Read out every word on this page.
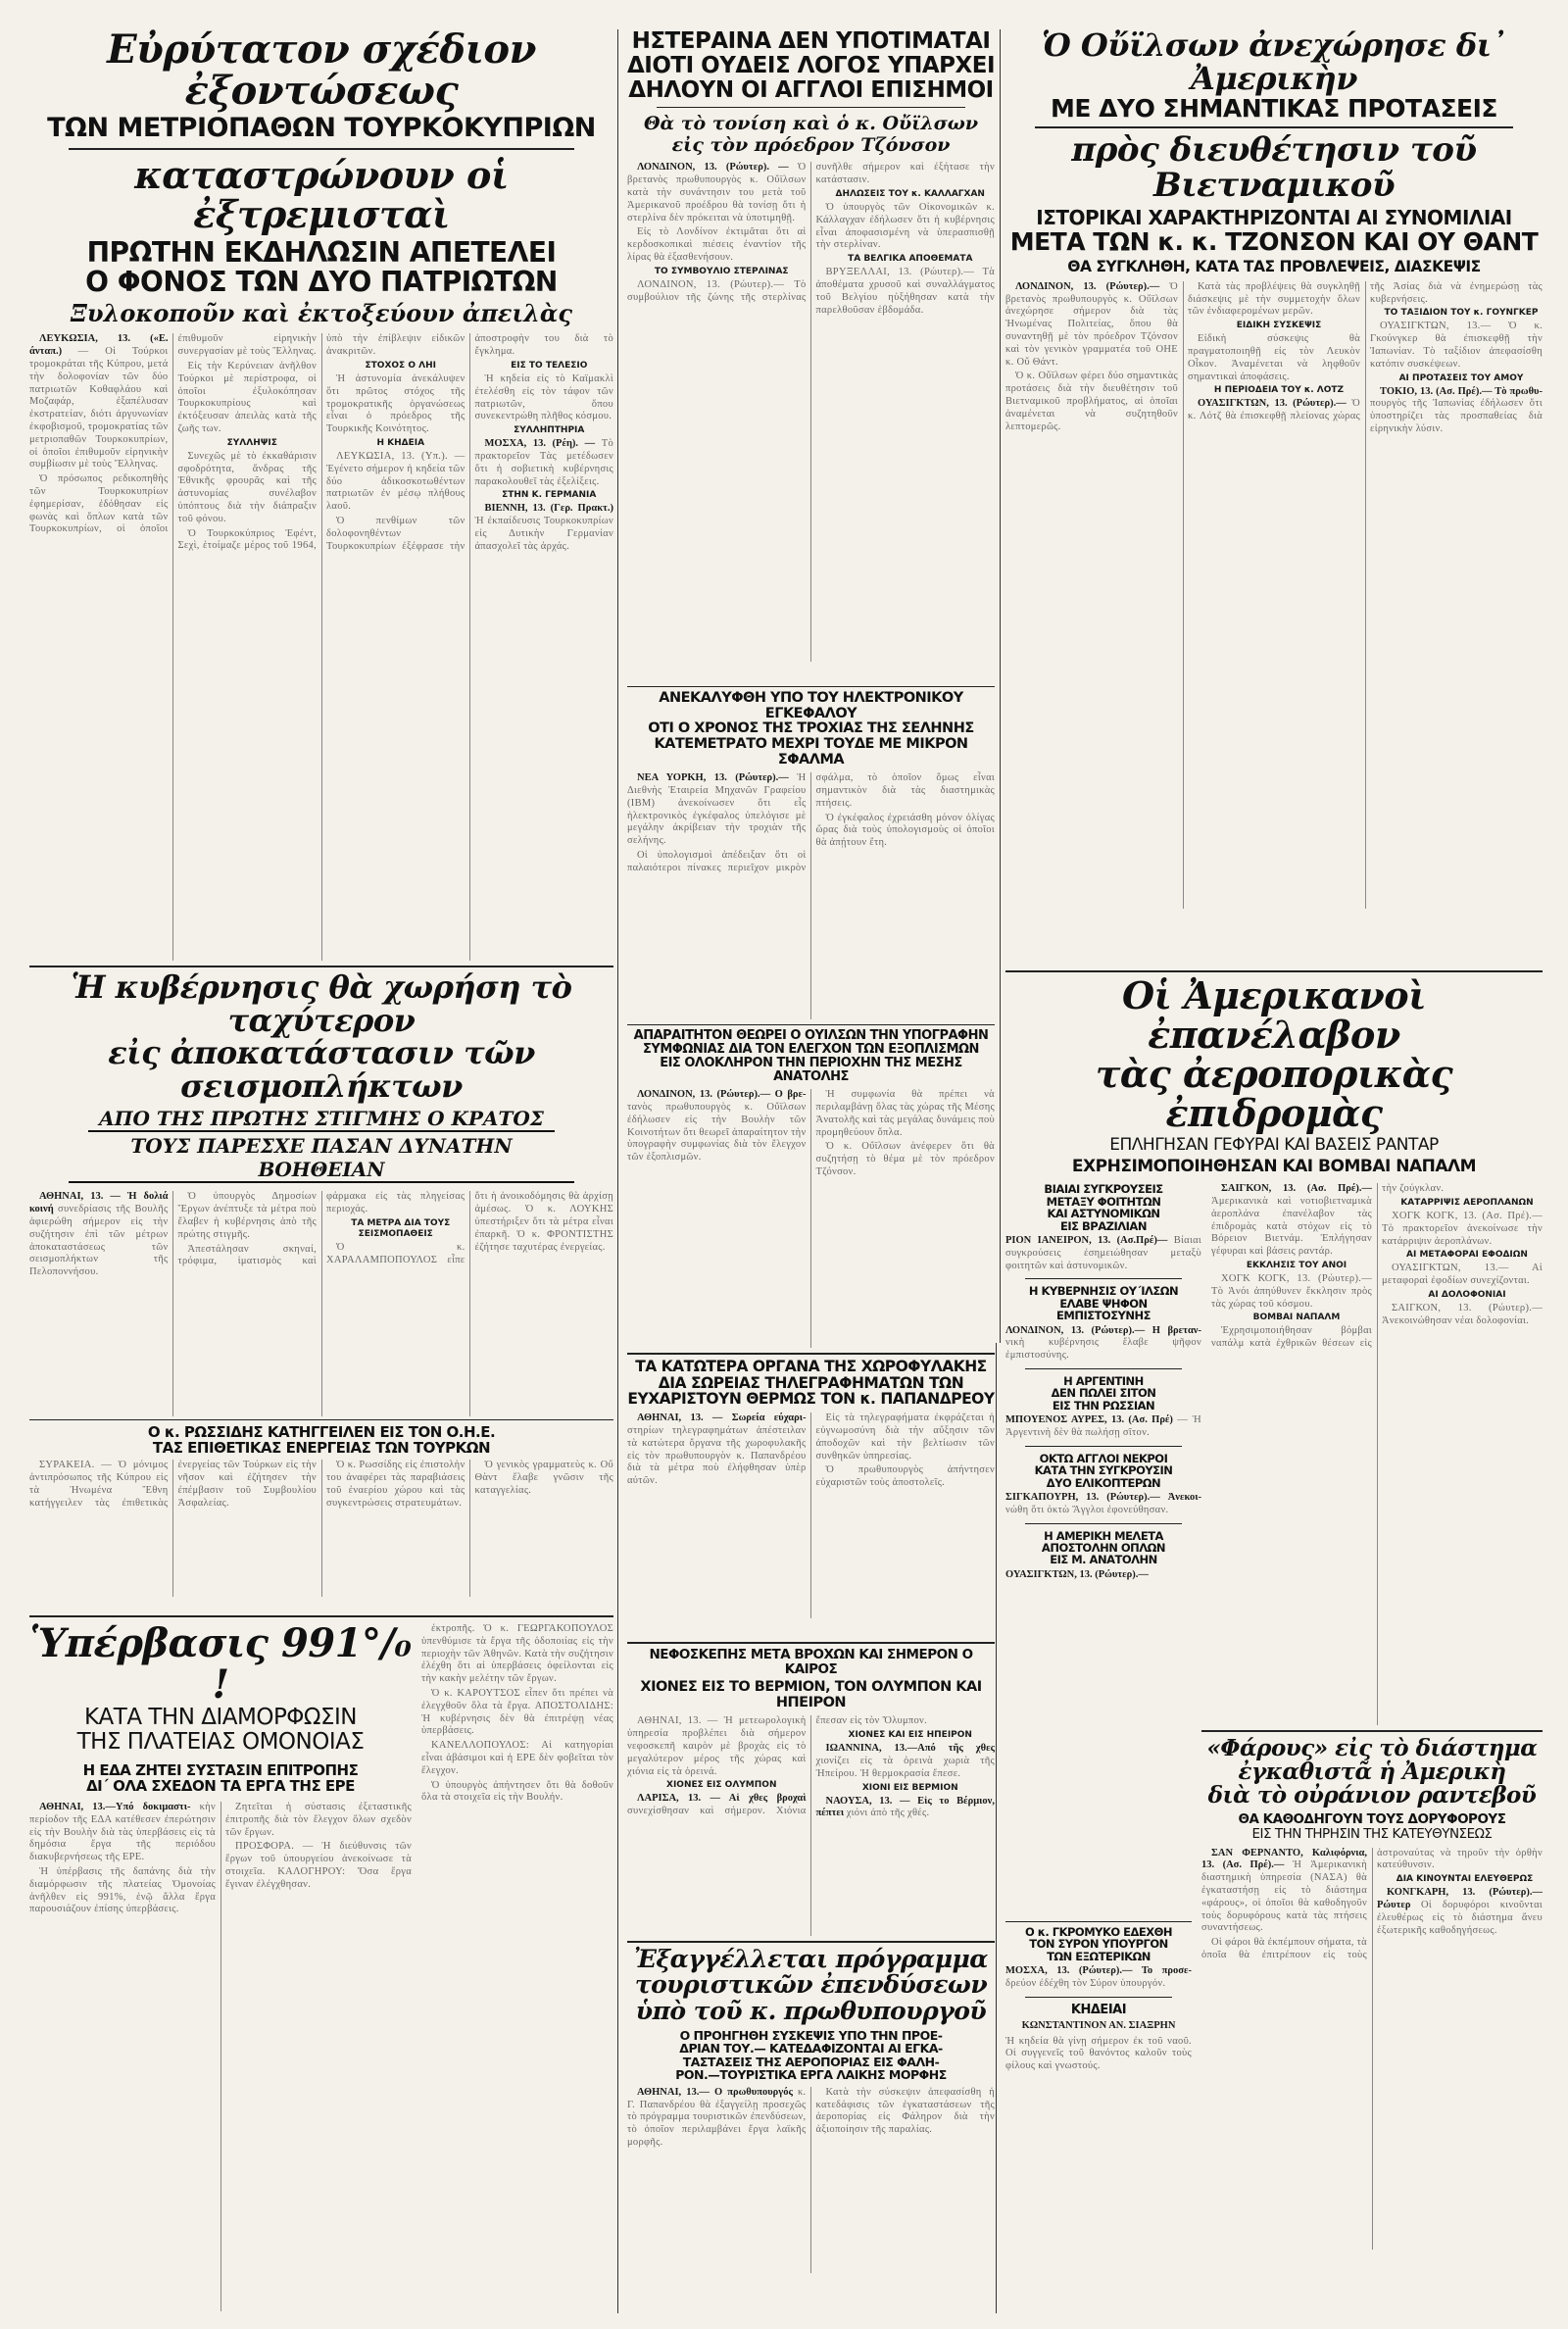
Εὐρύτατον σχέδιον ἐξοντώσεως
ΤΩΝ ΜΕΤΡΙΟΠΑΘΩΝ ΤΟΥΡΚΟΚΥΠΡΙΩΝ
καταστρώνουν οἱ ἐξτρεμισταὶ
ΠΡΩΤΗΝ ΕΚΔΗΛΩΣΙΝ ΑΠΕΤΕΛΕΙ
Ο ΦΟΝΟΣ ΤΩΝ ΔΥΟ ΠΑΤΡΙΩΤΩΝ
Ξυλοκοποῦν καὶ ἐκτοξεύουν ἀπειλὰς

ΛΕΥΚΩΣΙΑ, 13. («Ε. άνταπ.) — Οἱ Τούρκοι τρομοκράται τῆς Κύπρου, μετά τὴν δολοφονίαν τῶν δύο πατριωτῶν Κοθαφλάου καὶ Μοζαφάρ, ἐξαπέλυσαν ἐκστρατείαν, διότι ἀργυνωνίαν ἐκφοβισμοῦ, τρομοκρατίας τῶν μετριοπαθῶν Τουρκοκυπρίων, οἱ ὁποῖοι ἐπιθυμοῦν εἰρηνικὴν συμβίωσιν μὲ τοὺς Ἕλληνας.

Ὁ πρόσωπος ρεδικοπηθὴς τῶν Τουρκοκυπρίων ἐφημερίσαν, ἐδόθησαν εἰς φωνὰς καὶ ὅπλων κατὰ τῶν Τουρκοκυπρίων, οἱ ὁποῖοι ἐπιθυμοῦν εἰρηνικὴν συνεργασίαν μὲ τοὺς Ἕλληνας.

Εἰς τὴν Κερύνειαν ἀνῆλθον Τούρκοι μὲ περίστροφα, οἱ ὁποῖοι ἐξυλοκόπησαν Τουρκοκυπρίους καὶ ἐκτόξευσαν ἀπειλὰς κατὰ τῆς ζωῆς των.

ΣΥΛΛΗΨΙΣ

Συνεχῶς μὲ τὸ ἐκκαθάρισιν σφοδρότητα, ἄνδρας τῆς Ἐθνικῆς φρουρᾶς καὶ τῆς ἀστυνομίας συνέλαβον ὑπόπτους διὰ τὴν διάπραξιν τοῦ φόνου.

Ὁ Τουρκοκύπριος Ἐφέντ, Σεχὶ, ἑτοίμαζε μέρος τοῦ 1964, ὑπὸ τὴν ἐπίβλεψιν εἰδικῶν ἀνακριτῶν.

ΣΤΟΧΟΣ Ο ΛΗΙ

Ἡ ἀστυνομία ἀνεκάλυψεν ὅτι πρῶτος στόχος τῆς τρομοκρατικῆς ὀργανώσεως εἶναι ὁ πρόεδρος τῆς Τουρκικῆς Κοινότητος.

Η ΚΗΔΕΙΑ

ΛΕΥΚΩΣΙΑ, 13. (Υπ.). — Ἐγένετο σήμερον ἡ κηδεία τῶν δύο ἀδικοσκοτωθέντων πατριωτῶν ἐν μέσῳ πλήθους λαοῦ.

Ὁ πενθίμων τῶν δολοφονηθέντων Τουρκοκυπρίων ἐξέφρασε τὴν ἀποστροφὴν του διὰ τὸ ἔγκλημα.

ΕΙΣ ΤΟ ΤΕΛΕΣΙΟ

Ἡ κηδεία εἰς τὸ Καϊμακλὶ ἐτελέσθη εἰς τὸν τάφον τῶν πατριωτῶν, ὅπου συνεκεντρώθη πλῆθος κόσμου.

ΣΥΛΛΗΠΤΗΡΙΑ

ΜΟΣΧΑ, 13. (Ρέη). — Τὸ πρακτορεῖον Τὰς μετέδωσεν ὅτι ἡ σοβιετικὴ κυβέρνησις παρακολουθεῖ τὰς ἐξελίξεις.

ΣΤΗΝ Κ. ΓΕΡΜΑΝΙΑ

ΒΙΕΝΝΗ, 13. (Γερ. Πρακτ.) Ἡ ἐκπαίδευσις Τουρκοκυπρίων εἰς Δυτικὴν Γερμανίαν ἀπασχολεῖ τὰς ἀρχάς.

Ἡ κυβέρνησις θὰ χωρήση τὸ ταχύτερον
εἰς ἀποκατάστασιν τῶν σεισμοπλήκτων
ΑΠΟ ΤΗΣ ΠΡΩΤΗΣ ΣΤΙΓΜΗΣ Ο ΚΡΑΤΟΣ
ΤΟΥΣ ΠΑΡΕΣΧΕ ΠΑΣΑΝ ΔΥΝΑΤΗΝ ΒΟΗΘΕΙΑΝ

ΑΘΗΝΑΙ, 13. — Ἡ δολιά κοινή συνεδρίασις τῆς Βουλῆς ἀφιερώθη σήμερον εἰς τὴν συζήτησιν ἐπὶ τῶν μέτρων ἀποκαταστάσεως τῶν σεισμοπλήκτων τῆς Πελοποννήσου.

Ὁ ὑπουργὸς Δημοσίων Ἔργων ἀνέπτυξε τὰ μέτρα ποὺ ἔλαβεν ἡ κυβέρνησις ἀπὸ τῆς πρώτης στιγμῆς.

Ἀπεστάλησαν σκηναί, τρόφιμα, ἱματισμὸς καὶ φάρμακα εἰς τὰς πληγείσας περιοχάς.

ΤΑ ΜΕΤΡΑ ΔΙΑ ΤΟΥΣ ΣΕΙΣΜΟΠΑΘΕΙΣ

Ὁ κ. ΧΑΡΑΛΑΜΠΟΠΟΥΛΟΣ εἶπε ὅτι ἡ ἀνοικοδόμησις θὰ ἀρχίσῃ ἀμέσως. Ὁ κ. ΛΟΥΚΗΣ ὑπεστήριξεν ὅτι τὰ μέτρα εἶναι ἐπαρκῆ. Ὁ κ. ΦΡΟΝΤΙΣΤΗΣ ἐζήτησε ταχυτέρας ἐνεργείας.

Ο κ. ΡΩΣΣΙΔΗΣ ΚΑΤΗΓΓΕΙΛΕΝ ΕΙΣ ΤΟΝ Ο.Η.Ε.
ΤΑΣ ΕΠΙΘΕΤΙΚΑΣ ΕΝΕΡΓΕΙΑΣ ΤΩΝ ΤΟΥΡΚΩΝ

ΣΥΡΑΚΕΙΑ. — Ὁ μόνιμος ἀντιπρόσωπος τῆς Κύπρου εἰς τὰ Ἡνωμένα Ἔθνη κατήγγειλεν τὰς ἐπιθετικὰς ἐνεργείας τῶν Τούρκων εἰς τὴν νῆσον καὶ ἐζήτησεν τὴν ἐπέμβασιν τοῦ Συμβουλίου Ἀσφαλείας.

Ὁ κ. Ρωσσίδης εἰς ἐπιστολὴν του ἀναφέρει τὰς παραβιάσεις τοῦ ἐναερίου χώρου καὶ τὰς συγκεντρώσεις στρατευμάτων.

Ὁ γενικὸς γραμματεὺς κ. Οὔ Θὰντ ἔλαβε γνῶσιν τῆς καταγγελίας.

Ὑπέρβασις 991°/₀ !
ΚΑΤΑ ΤΗΝ ΔΙΑΜΟΡΦΩΣΙΝ
ΤΗΣ ΠΛΑΤΕΙΑΣ ΟΜΟΝΟΙΑΣ
Η ΕΔΑ ΖΗΤΕΙ ΣΥΣΤΑΣΙΝ ΕΠΙΤΡΟΠΗΣ
ΔΙ΄ ΟΛΑ ΣΧΕΔΟΝ ΤΑ ΕΡΓΑ ΤΗΣ ΕΡΕ

ΑΘΗΝΑΙ, 13.—Υπό δοκιμαστι- κὴν περίοδον τῆς ΕΔΑ κατέθεσεν ἐπερώτησιν εἰς τὴν Βουλὴν διὰ τὰς ὑπερβάσεις εἰς τὰ δημόσια ἔργα τῆς περιόδου διακυβερνήσεως τῆς ΕΡΕ.

Ἡ ὑπέρβασις τῆς δαπάνης διὰ τὴν διαμόρφωσιν τῆς πλατείας Ὁμονοίας ἀνῆλθεν εἰς 991%, ἐνῷ ἄλλα ἔργα παρουσιάζουν ἐπίσης ὑπερβάσεις.

Ζητεῖται ἡ σύστασις ἐξεταστικῆς ἐπιτροπῆς διὰ τὸν ἔλεγχον ὅλων σχεδὸν τῶν ἔργων.

ΠΡΟΣΦΟΡΑ. — Ἡ διεύθυνσις τῶν ἔργων τοῦ ὑπουργείου ἀνεκοίνωσε τὰ στοιχεῖα. ΚΑΛΟΓΗΡΟΥ: Ὅσα ἔργα ἔγιναν ἐλέγχθησαν.

ἐκτροπῆς. Ὁ κ. ΓΕΩΡΓΑΚΟΠΟΥΛΟΣ ὑπενθύμισε τὰ ἔργα τῆς ὁδοποιίας εἰς τὴν περιοχὴν τῶν Ἀθηνῶν. Κατὰ τὴν συζήτησιν ἐλέχθη ὅτι αἱ ὑπερβάσεις ὀφείλονται εἰς τὴν κακὴν μελέτην τῶν ἔργων.

Ὁ κ. ΚΑΡΟΥΤΣΟΣ εἶπεν ὅτι πρέπει νὰ ἐλεγχθοῦν ὅλα τὰ ἔργα. ΑΠΟΣΤΟΛΙΔΗΣ: Ἡ κυβέρνησις δὲν θὰ ἐπιτρέψῃ νέας ὑπερβάσεις.

ΚΑΝΕΛΛΟΠΟΥΛΟΣ: Αἱ κατηγορίαι εἶναι ἀβάσιμοι καὶ ἡ ΕΡΕ δὲν φοβεῖται τὸν ἔλεγχον.

Ὁ ὑπουργὸς ἀπήντησεν ὅτι θὰ δοθοῦν ὅλα τὰ στοιχεῖα εἰς τὴν Βουλήν.

ΗΣΤΕΡΑΙΝΑ ΔΕΝ ΥΠΟΤΙΜΑΤΑΙ
ΔΙΟΤΙ ΟΥΔΕΙΣ ΛΟΓΟΣ ΥΠΑΡΧΕΙ
ΔΗΛΟΥΝ ΟΙ ΑΓΓΛΟΙ ΕΠΙΣΗΜΟΙ
Θὰ τὸ τονίση καὶ ὁ κ. Οὔϊλσων
εἰς τὸν πρόεδρον Τζόνσον

ΛΟΝΔΙΝΟΝ, 13. (Ρώυτερ). — Ὁ βρετανὸς πρωθυπουργὸς κ. Οὔϊλσων κατὰ τὴν συνάντησιν του μετὰ τοῦ Ἀμερικανοῦ προέδρου θὰ τονίσῃ ὅτι ἡ στερλίνα δὲν πρόκειται νὰ ὑποτιμηθῇ.

Εἰς τὸ Λονδίνον ἐκτιμᾶται ὅτι αἱ κερδοσκοπικαὶ πιέσεις ἐναντίον τῆς λίρας θὰ ἐξασθενήσουν.

ΤΟ ΣΥΜΒΟΥΛΙΟ ΣΤΕΡΛΙΝΑΣ

ΛΟΝΔΙΝΟΝ, 13. (Ρώυτερ).— Τὸ συμβούλιον τῆς ζώνης τῆς στερλίνας συνῆλθε σήμερον καὶ ἐξήτασε τὴν κατάστασιν.

ΔΗΛΩΣΕΙΣ ΤΟΥ κ. ΚΑΛΛΑΓΧΑΝ

Ὁ ὑπουργὸς τῶν Οἰκονομικῶν κ. Κάλλαγχαν ἐδήλωσεν ὅτι ἡ κυβέρνησις εἶναι ἀποφασισμένη νὰ ὑπερασπισθῇ τὴν στερλίναν.

ΤΑ ΒΕΛΓΙΚΑ ΑΠΟΘΕΜΑΤΑ

ΒΡΥΞΕΛΛΑΙ, 13. (Ρώυτερ).— Τὰ ἀποθέματα χρυσοῦ καὶ συναλλάγματος τοῦ Βελγίου ηὐξήθησαν κατὰ τὴν παρελθοῦσαν ἑβδομάδα.

ΑΝΕΚΑΛΥΦΘΗ ΥΠΟ ΤΟΥ ΗΛΕΚΤΡΟΝΙΚΟΥ ΕΓΚΕΦΑΛΟΥ
ΟΤΙ Ο ΧΡΟΝΟΣ ΤΗΣ ΤΡΟΧΙΑΣ ΤΗΣ ΣΕΛΗΝΗΣ
ΚΑΤΕΜΕΤΡΑΤΟ ΜΕΧΡΙ ΤΟΥΔΕ ΜΕ ΜΙΚΡΟΝ ΣΦΑΛΜΑ

ΝΕΑ ΥΟΡΚΗ, 13. (Ρώυτερ).— Ἡ Διεθνὴς Ἑταιρεία Μηχανῶν Γραφείου (ΙΒΜ) ἀνεκοίνωσεν ὅτι εἷς ἠλεκτρονικὸς ἐγκέφαλος ὑπελόγισε μὲ μεγάλην ἀκρίβειαν τὴν τροχιὰν τῆς σελήνης.

Οἱ ὑπολογισμοὶ ἀπέδειξαν ὅτι οἱ παλαιότεροι πίνακες περιεῖχον μικρὸν σφάλμα, τὸ ὁποῖον ὅμως εἶναι σημαντικὸν διὰ τὰς διαστημικὰς πτήσεις.

Ὁ ἐγκέφαλος ἐχρειάσθη μόνον ὀλίγας ὥρας διὰ τοὺς ὑπολογισμοὺς οἱ ὁποῖοι θὰ ἀπῄτουν ἔτη.

ΑΠΑΡΑΙΤΗΤΟΝ ΘΕΩΡΕΙ Ο ΟΥΙΛΣΩΝ ΤΗΝ ΥΠΟΓΡΑΦΗΝ
ΣΥΜΦΩΝΙΑΣ ΔΙΑ ΤΟΝ ΕΛΕΓΧΟΝ ΤΩΝ ΕΞΟΠΛΙΣΜΩΝ
ΕΙΣ ΟΛΟΚΛΗΡΟΝ ΤΗΝ ΠΕΡΙΟΧΗΝ ΤΗΣ ΜΕΣΗΣ ΑΝΑΤΟΛΗΣ

ΛΟΝΔΙΝΟΝ, 13. (Ρώυτερ).— Ο βρε- τανὸς πρωθυπουργὸς κ. Οὔϊλσων ἐδήλωσεν εἰς τὴν Βουλὴν τῶν Κοινοτήτων ὅτι θεωρεῖ ἀπαραίτητον τὴν ὑπογραφὴν συμφωνίας διὰ τὸν ἔλεγχον τῶν ἐξοπλισμῶν.

Ἡ συμφωνία θὰ πρέπει νὰ περιλαμβάνῃ ὅλας τὰς χώρας τῆς Μέσης Ἀνατολῆς καὶ τὰς μεγάλας δυνάμεις ποὺ προμηθεύουν ὅπλα.

Ὁ κ. Οὔϊλσων ἀνέφερεν ὅτι θὰ συζητήσῃ τὸ θέμα μὲ τὸν πρόεδρον Τζόνσον.

ΤΑ ΚΑΤΩΤΕΡΑ ΟΡΓΑΝΑ ΤΗΣ ΧΩΡΟΦΥΛΑΚΗΣ
ΔΙΑ ΣΩΡΕΙΑΣ ΤΗΛΕΓΡΑΦΗΜΑΤΩΝ ΤΩΝ
ΕΥΧΑΡΙΣΤΟΥΝ ΘΕΡΜΩΣ ΤΟΝ κ. ΠΑΠΑΝΔΡΕΟΥ

ΑΘΗΝΑΙ, 13. — Σωρεία εύχαρι- στηρίων τηλεγραφημάτων ἀπέστειλαν τὰ κατώτερα ὄργανα τῆς χωροφυλακῆς εἰς τὸν πρωθυπουργὸν κ. Παπανδρέου διὰ τὰ μέτρα ποὺ ἐλήφθησαν ὑπὲρ αὐτῶν.

Εἰς τὰ τηλεγραφήματα ἐκφράζεται ἡ εὐγνωμοσύνη διὰ τὴν αὔξησιν τῶν ἀποδοχῶν καὶ τὴν βελτίωσιν τῶν συνθηκῶν ὑπηρεσίας.

Ὁ πρωθυπουργὸς ἀπήντησεν εὐχαριστῶν τοὺς ἀποστολεῖς.

ΝΕΦΟΣΚΕΠΗΣ ΜΕΤΑ ΒΡΟΧΩΝ ΚΑΙ ΣΗΜΕΡΟΝ Ο ΚΑΙΡΟΣ
ΧΙΟΝΕΣ ΕΙΣ ΤΟ ΒΕΡΜΙΟΝ, ΤΟΝ ΟΛΥΜΠΟΝ ΚΑΙ ΗΠΕΙΡΟΝ

ΑΘΗΝΑΙ, 13. — Ἡ μετεωρολογικὴ ὑπηρεσία προβλέπει διὰ σήμερον νεφοσκεπῆ καιρὸν μὲ βροχὰς εἰς τὸ μεγαλύτερον μέρος τῆς χώρας καὶ χιόνια εἰς τὰ ὀρεινά.

ΧΙΟΝΕΣ ΕΙΣ ΟΛΥΜΠΟΝ

ΛΑΡΙΣΑ, 13. — Αἱ χθες βροχαὶ συνεχίσθησαν καὶ σήμερον. Χιόνια ἔπεσαν εἰς τὸν Ὄλυμπον.

ΧΙΟΝΕΣ ΚΑΙ ΕΙΣ ΗΠΕΙΡΟΝ

ΙΩΑΝΝΙΝΑ, 13.—Από τῆς χθες χιονίζει εἰς τὰ ὀρεινὰ χωριὰ τῆς Ἠπείρου. Ἡ θερμοκρασία ἔπεσε.

ΧΙΟΝΙ ΕΙΣ ΒΕΡΜΙΟΝ

ΝΑΟΥΣΑ, 13. — Εἰς το Βέρμιον, πέπτει χιόνι ἀπὸ τῆς χθές.

Ἐξαγγέλλεται πρόγραμμα
τουριστικῶν ἐπενδύσεων
ὑπὸ τοῦ κ. πρωθυπουργοῦ
Ο ΠΡΟΗΓΗΘΗ ΣΥΣΚΕΨΙΣ ΥΠΟ ΤΗΝ ΠΡΟΕ-
ΔΡΙΑΝ ΤΟΥ.— ΚΑΤΕΔΑΦΙΖΟΝΤΑΙ ΑΙ ΕΓΚΑ-
ΤΑΣΤΑΣΕΙΣ ΤΗΣ ΑΕΡΟΠΟΡΙΑΣ ΕΙΣ ΦΑΛΗ-
ΡΟΝ.—ΤΟΥΡΙΣΤΙΚΑ ΕΡΓΑ ΛΑΙΚΗΣ ΜΟΡΦΗΣ

ΑΘΗΝΑΙ, 13.— Ο πρωθυπουργός κ. Γ. Παπανδρέου θὰ ἐξαγγείλῃ προσεχῶς τὸ πρόγραμμα τουριστικῶν ἐπενδύσεων, τὸ ὁποῖον περιλαμβάνει ἔργα λαϊκῆς μορφῆς.

Κατὰ τὴν σύσκεψιν ἀπεφασίσθη ἡ κατεδάφισις τῶν ἐγκαταστάσεων τῆς ἀεροπορίας εἰς Φάληρον διὰ τὴν ἀξιοποίησιν τῆς παραλίας.

Ὁ Οὔϊλσων ἀνεχώρησε δι᾿ Ἀμερικὴν
ΜΕ ΔΥΟ ΣΗΜΑΝΤΙΚΑΣ ΠΡΟΤΑΣΕΙΣ
πρὸς διευθέτησιν τοῦ Βιετναμικοῦ
ΙΣΤΟΡΙΚΑΙ ΧΑΡΑΚΤΗΡΙΖΟΝΤΑΙ ΑΙ ΣΥΝΟΜΙΛΙΑΙ
ΜΕΤΑ ΤΩΝ κ. κ. ΤΖΟΝΣΟΝ ΚΑΙ ΟΥ ΘΑΝΤ
ΘΑ ΣΥΓΚΛΗΘΗ, ΚΑΤΑ ΤΑΣ ΠΡΟΒΛΕΨΕΙΣ, ΔΙΑΣΚΕΨΙΣ

ΛΟΝΔΙΝΟΝ, 13. (Ρώυτερ).— Ὁ βρετανὸς πρωθυπουργὸς κ. Οὔϊλσων ἀνεχώρησε σήμερον διὰ τὰς Ἡνωμένας Πολιτείας, ὅπου θὰ συναντηθῇ μὲ τὸν πρόεδρον Τζόνσον καὶ τὸν γενικὸν γραμματέα τοῦ ΟΗΕ κ. Οὔ Θάντ.

Ὁ κ. Οὔϊλσων φέρει δύο σημαντικὰς προτάσεις διὰ τὴν διευθέτησιν τοῦ Βιετναμικοῦ προβλήματος, αἱ ὁποῖαι ἀναμένεται νὰ συζητηθοῦν λεπτομερῶς.

Κατὰ τὰς προβλέψεις θὰ συγκληθῇ διάσκεψις μὲ τὴν συμμετοχὴν ὅλων τῶν ἐνδιαφερομένων μερῶν.

ΕΙΔΙΚΗ ΣΥΣΚΕΨΙΣ

Εἰδικὴ σύσκεψις θὰ πραγματοποιηθῇ εἰς τὸν Λευκὸν Οἶκον. Ἀναμένεται νὰ ληφθοῦν σημαντικαὶ ἀποφάσεις.

Η ΠΕΡΙΟΔΕΙΑ ΤΟΥ κ. ΛΟΤΖ

ΟΥΑΣΙΓΚΤΩΝ, 13. (Ρώυτερ).— Ὁ κ. Λότζ θὰ ἐπισκεφθῇ πλείονας χώρας τῆς Ἀσίας διὰ νὰ ἐνημερώσῃ τὰς κυβερνήσεις.

ΤΟ ΤΑΞΙΔΙΟΝ ΤΟΥ κ. ΓΟΥΝΓΚΕΡ

ΟΥΑΣΙΓΚΤΩΝ, 13.— Ὁ κ. Γκούνγκερ θὰ ἐπισκεφθῇ τὴν Ἰαπωνίαν. Τὸ ταξίδιον ἀπεφασίσθη κατόπιν συσκέψεων.

ΑΙ ΠΡΟΤΑΣΕΙΣ ΤΟΥ ΑΜΟΥ

ΤΟΚΙΟ, 13. (Ασ. Πρέ).— Τὸ πρωθυ- πουργὸς τῆς Ἰαπωνίας ἐδήλωσεν ὅτι ὑποστηρίζει τὰς προσπαθείας διὰ εἰρηνικὴν λύσιν.

Οἱ Ἀμερικανοὶ ἐπανέλαβον
τὰς ἀεροπορικὰς ἐπιδρομὰς
ΕΠΛΗΓΗΣΑΝ ΓΕΦΥΡΑΙ ΚΑΙ ΒΑΣΕΙΣ ΡΑΝΤΑΡ
ΕΧΡΗΣΙΜΟΠΟΙΗΘΗΣΑΝ ΚΑΙ ΒΟΜΒΑΙ ΝΑΠΑΛΜ
ΒΙΑΙΑΙ ΣΥΓΚΡΟΥΣΕΙΣ
ΜΕΤΑΞΥ ΦΟΙΤΗΤΩΝ
ΚΑΙ ΑΣΤΥΝΟΜΙΚΩΝ
ΕΙΣ ΒΡΑΖΙΛΙΑΝ

ΡΙΟΝ ΙΑΝΕΙΡΟΝ, 13. (Ασ.Πρέ)— Βίαιαι συγκρούσεις ἐσημειώθησαν μεταξὺ φοιτητῶν καὶ ἀστυνομικῶν.

Η ΚΥΒΕΡΝΗΣΙΣ ΟΥ΄ΙΛΣΩΝ
ΕΛΑΒΕ ΨΗΦΟΝ
ΕΜΠΙΣΤΟΣΥΝΗΣ

ΛΟΝΔΙΝΟΝ, 13. (Ρώυτερ).— Η βρεταν- νικὴ κυβέρνησις ἔλαβε ψῆφον ἐμπιστοσύνης.

Η ΑΡΓΕΝΤΙΝΗ
ΔΕΝ ΠΩΛΕΙ ΣΙΤΟΝ
ΕΙΣ ΤΗΝ ΡΩΣΣΙΑΝ

ΜΠΟΥΕΝΟΣ ΑΥΡΕΣ, 13. (Ασ. Πρέ) — Ἡ Ἀργεντινὴ δὲν θὰ πωλήσῃ σῖτον.

ΟΚΤΩ ΑΓΓΛΟΙ ΝΕΚΡΟΙ
ΚΑΤΑ ΤΗΝ ΣΥΓΚΡΟΥΣΙΝ
ΔΥΟ ΕΛΙΚΟΠΤΕΡΩΝ

ΣΙΓΚΑΠΟΥΡΗ, 13. (Ρώυτερ).— Ἀνεκοι- νώθη ὅτι ὀκτὼ Ἄγγλοι ἐφονεύθησαν.

Η ΑΜΕΡΙΚΗ ΜΕΛΕΤΑ
ΑΠΟΣΤΟΛΗΝ ΟΠΛΩΝ
ΕΙΣ Μ. ΑΝΑΤΟΛΗΝ

ΟΥΑΣΙΓΚΤΩΝ, 13. (Ρώυτερ).—

ΣΑΙΓΚΟΝ, 13. (Ασ. Πρέ).— Ἀμερικανικὰ καὶ νοτιοβιετναμικὰ ἀεροπλάνα ἐπανέλαβον τὰς ἐπιδρομὰς κατὰ στόχων εἰς τὸ Βόρειον Βιετνάμ. Ἐπλήγησαν γέφυραι καὶ βάσεις ραντάρ.

ΕΚΚΛΗΣΙΣ ΤΟΥ ΑΝΟΙ

ΧΟΓΚ ΚΟΓΚ, 13. (Ρώυτερ).— Τὸ Ἀνόι ἀπηύθυνεν ἔκκλησιν πρὸς τὰς χώρας τοῦ κόσμου.

ΒΟΜΒΑΙ ΝΑΠΑΛΜ

Ἐχρησιμοποιήθησαν βόμβαι ναπάλμ κατὰ ἐχθρικῶν θέσεων εἰς τὴν ζούγκλαν.

ΚΑΤΑΡΡΙΨΙΣ ΑΕΡΟΠΛΑΝΩΝ

ΧΟΓΚ ΚΟΓΚ, 13. (Ασ. Πρέ).— Τὸ πρακτορεῖον ἀνεκοίνωσε τὴν κατάρριψιν ἀεροπλάνων.

ΑΙ ΜΕΤΑΦΟΡΑΙ ΕΦΟΔΙΩΝ

ΟΥΑΣΙΓΚΤΩΝ, 13.— Αἱ μεταφοραὶ ἐφοδίων συνεχίζονται.

ΑΙ ΔΟΛΟΦΟΝΙΑΙ

ΣΑΙΓΚΟΝ, 13. (Ρώυτερ).— Ἀνεκοινώθησαν νέαι δολοφονίαι.

Ο κ. ΓΚΡΟΜΥΚΟ ΕΔΕΧΘΗ
ΤΟΝ ΣΥΡΟΝ ΥΠΟΥΡΓΟΝ
ΤΩΝ ΕΞΩΤΕΡΙΚΩΝ

ΜΟΣΧΑ, 13. (Ρώυτερ).— Το προσε- δρεύον ἐδέχθη τὸν Σύρον ὑπουργόν.

ΚΗΔΕΙΑΙ

ΚΩΝΣΤΑΝΤΙΝΟΝ ΑΝ. ΣΙΑΞΡΗΝ

Ἡ κηδεία θὰ γίνῃ σήμερον ἐκ τοῦ ναοῦ. Οἱ συγγενεῖς τοῦ θανόντος καλοῦν τοὺς φίλους καὶ γνωστούς.

«Φάρους» εἰς τὸ διάστημα
ἐγκαθιστᾶ ἡ Ἀμερικὴ
διὰ τὸ οὐράνιον ραντεβοῦ
ΘΑ ΚΑΘΟΔΗΓΟΥΝ ΤΟΥΣ ΔΟΡΥΦΟΡΟΥΣ
ΕΙΣ ΤΗΝ ΤΗΡΗΣΙΝ ΤΗΣ ΚΑΤΕΥΘΥΝΣΕΩΣ

ΣΑΝ ΦΕΡΝΑΝΤΟ, Καλιφόρνια, 13. (Ασ. Πρέ).— Ἡ Ἀμερικανικὴ διαστημικὴ ὑπηρεσία (ΝΑΣΑ) θὰ ἐγκαταστήσῃ εἰς τὸ διάστημα «φάρους», οἱ ὁποῖοι θὰ καθοδηγοῦν τοὺς δορυφόρους κατὰ τὰς πτήσεις συναντήσεως.

Οἱ φάροι θὰ ἐκπέμπουν σήματα, τὰ ὁποῖα θὰ ἐπιτρέπουν εἰς τοὺς ἀστροναύτας νὰ τηροῦν τὴν ὀρθὴν κατεύθυνσιν.

ΔΙΑ ΚΙΝΟΥΝΤΑΙ ΕΛΕΥΘΕΡΩΣ

ΚΟΝΓΚΑΡΗ, 13. (Ρώυτερ).— Ρώυτερ Οἱ δορυφόροι κινοῦνται ἐλευθέρως εἰς τὸ διάστημα ἄνευ ἐξωτερικῆς καθοδηγήσεως.
